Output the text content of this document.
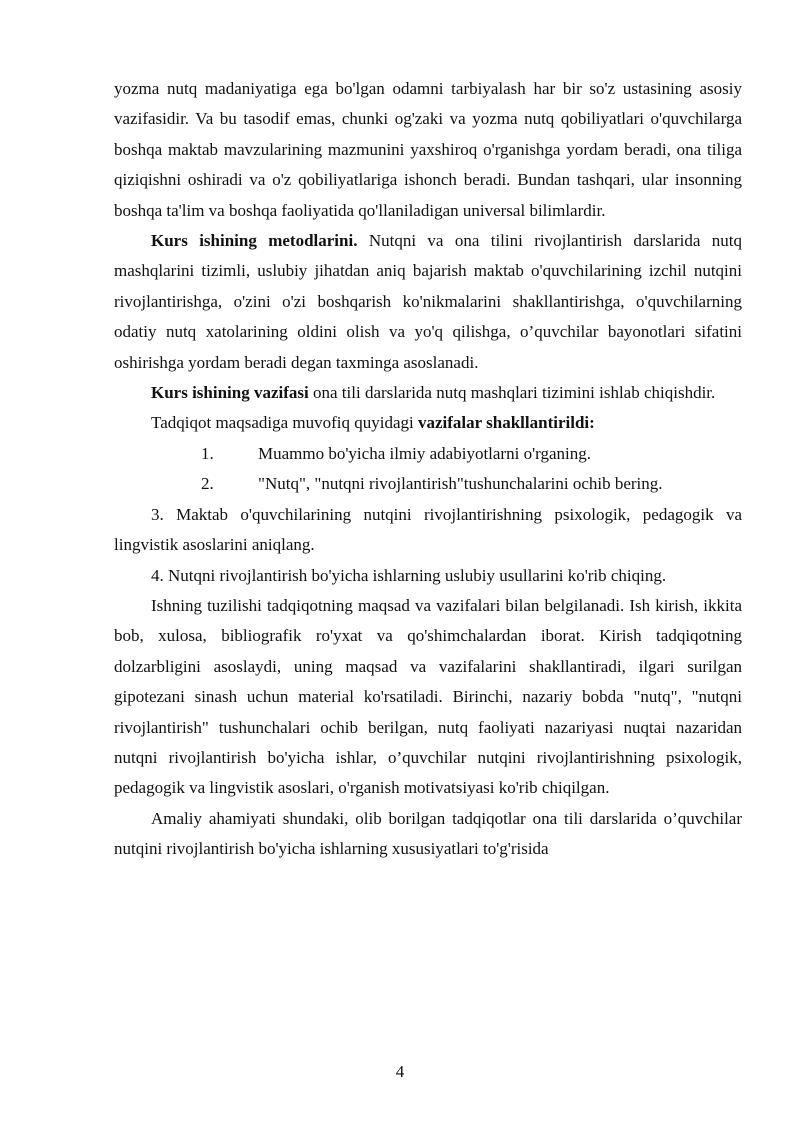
yozma nutq madaniyatiga ega bo'lgan odamni tarbiyalash har bir so'z ustasining asosiy vazifasidir. Va bu tasodif emas, chunki og'zaki va yozma nutq qobiliyatlari o'quvchilarga boshqa maktab mavzularining mazmunini yaxshiroq o'rganishga yordam beradi, ona tiliga qiziqishni oshiradi va o'z qobiliyatlariga ishonch beradi. Bundan tashqari, ular insonning boshqa ta'lim va boshqa faoliyatida qo'llaniladigan universal bilimlardir.

Kurs ishining metodlarini. Nutqni va ona tilini rivojlantirish darslarida nutq mashqlarini tizimli, uslubiy jihatdan aniq bajarish maktab o'quvchilarining izchil nutqini rivojlantirishga, o'zini o'zi boshqarish ko'nikmalarini shakllantirishga, o'quvchilarning odatiy nutq xatolarining oldini olish va yo'q qilishga, o’quvchilar bayonotlari sifatini oshirishga yordam beradi degan taxminga asoslanadi.

Kurs ishining vazifasi ona tili darslarida nutq mashqlari tizimini ishlab chiqishdir.

Tadqiqot maqsadiga muvofiq quyidagi vazifalar shakllantirildi:

1.	Muammo bo'yicha ilmiy adabiyotlarni o'rganing.

2.	"Nutq", "nutqni rivojlantirish"tushunchalarini ochib bering.

3. Maktab o'quvchilarining nutqini rivojlantirishning psixologik, pedagogik va lingvistik asoslarini aniqlang.

4. Nutqni rivojlantirish bo'yicha ishlarning uslubiy usullarini ko'rib chiqing.

Ishning tuzilishi tadqiqotning maqsad va vazifalari bilan belgilanadi. Ish kirish, ikkita bob, xulosa, bibliografik ro'yxat va qo'shimchalardan iborat. Kirish tadqiqotning dolzarbligini asoslaydi, uning maqsad va vazifalarini shakllantiradi, ilgari surilgan gipotezani sinash uchun material ko'rsatiladi. Birinchi, nazariy bobda "nutq", "nutqni rivojlantirish" tushunchalari ochib berilgan, nutq faoliyati nazariyasi nuqtai nazaridan nutqni rivojlantirish bo'yicha ishlar, o’quvchilar nutqini rivojlantirishning psixologik, pedagogik va lingvistik asoslari, o'rganish motivatsiyasi ko'rib chiqilgan.

Amaliy ahamiyati shundaki, olib borilgan tadqiqotlar ona tili darslarida o’quvchilar nutqini rivojlantirish bo'yicha ishlarning xususiyatlari to'g'risida

4
